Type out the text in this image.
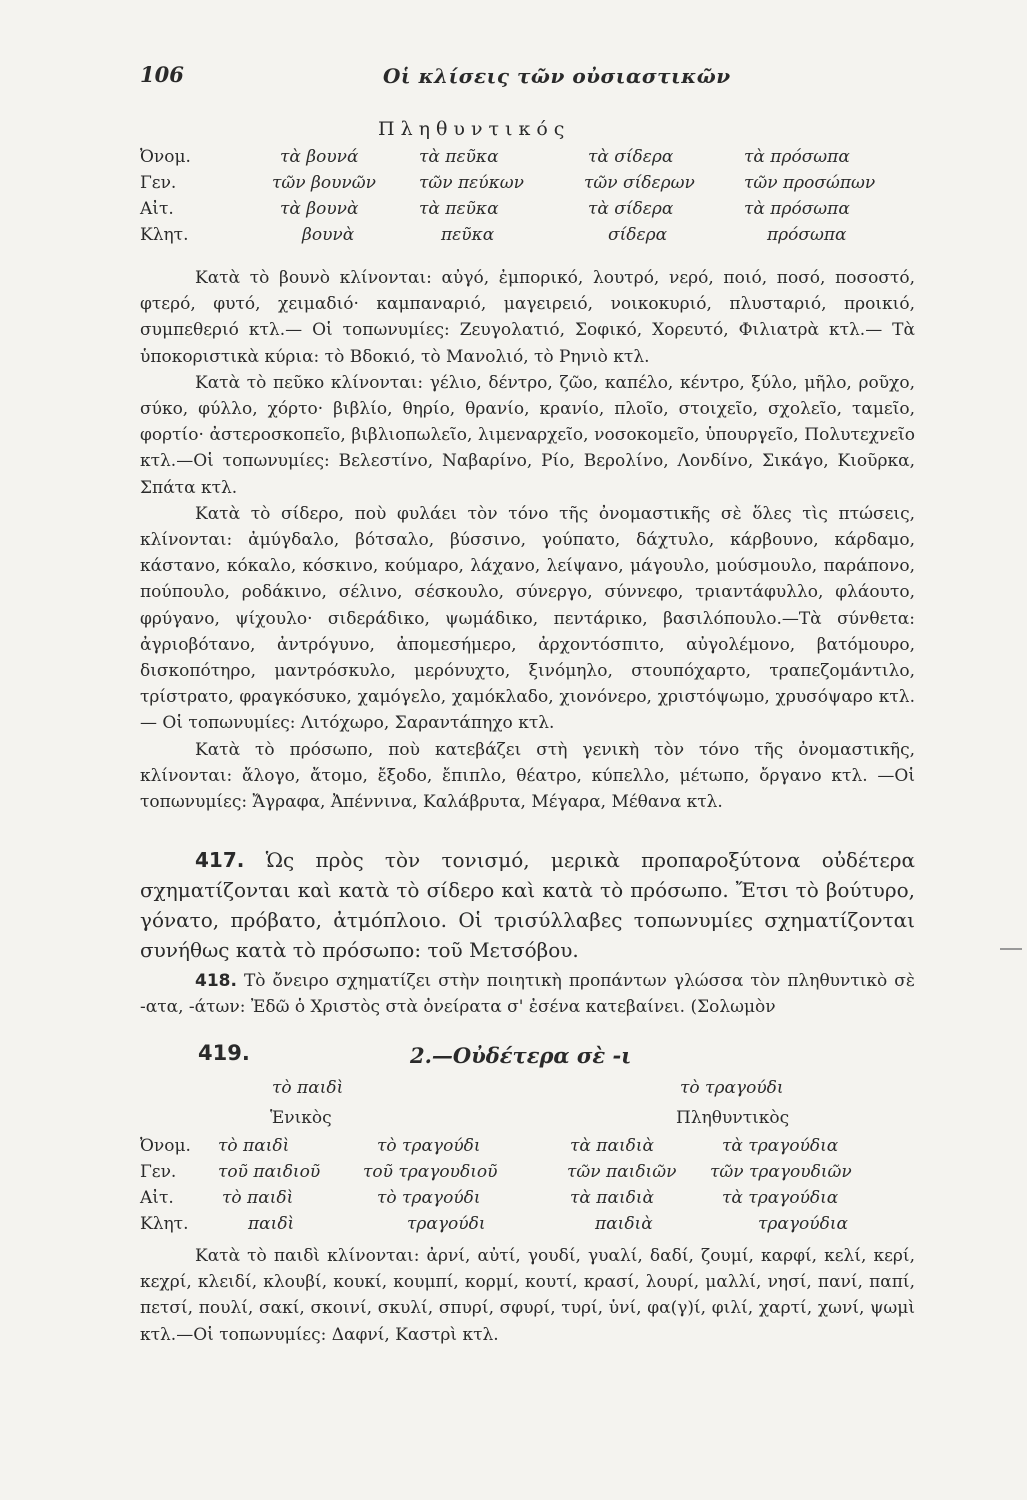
106	Οἱ κλίσεις τῶν οὐσιαστικῶν
Πληθυντικός
Ὀνομ.	τὰ βουνά	τὰ πεῦκα	τὰ σίδερα	τὰ πρόσωπα
Γεν.	τῶν βουνῶν	τῶν πεύκων	τῶν σίδερων	τῶν προσώπων
Αἰτ.	τὰ βουνὰ	τὰ πεῦκα	τὰ σίδερα	τὰ πρόσωπα
Κλητ.	βουνὰ	πεῦκα	σίδερα	πρόσωπα

Κατὰ τὸ βουνὸ κλίνονται: αὐγό, ἐμπορικό, λουτρό, νερό, ποιό, ποσό, ποσοστό, φτερό, φυτό, χειμαδιό· καμπαναριό, μαγειρειό, νοικοκυριό, πλυσταριό, προικιό, συμπεθεριό κτλ.— Οἱ τοπωνυμίες: Ζευγολατιό, Σοφικό, Χορευτό, Φιλιατρὰ κτλ.— Τὰ ὑποκοριστικὰ κύρια: τὸ Βδοκιό, τὸ Μανολιό, τὸ Ρηνιὸ κτλ.

Κατὰ τὸ πεῦκο κλίνονται: γέλιο, δέντρο, ζῶο, καπέλο, κέντρο, ξύλο, μῆλο, ροῦχο, σύκο, φύλλο, χόρτο· βιβλίο, θηρίο, θρανίο, κρανίο, πλοῖο, στοιχεῖο, σχολεῖο, ταμεῖο, φορτίο· ἀστεροσκοπεῖο, βιβλιοπωλεῖο, λιμεναρχεῖο, νοσοκομεῖο, ὑπουργεῖο, Πολυτεχνεῖο κτλ.—Οἱ τοπωνυμίες: Βελεστίνο, Ναβαρίνο, Ρίο, Βερολίνο, Λονδίνο, Σικάγο, Κιοῦρκα, Σπάτα κτλ.

Κατὰ τὸ σίδερο, ποὺ φυλάει τὸν τόνο τῆς ὀνομαστικῆς σὲ ὅλες τὶς πτώσεις, κλίνονται: ἀμύγδαλο, βότσαλο, βύσσινο, γούπατο, δάχτυλο, κάρβουνο, κάρδαμο, κάστανο, κόκαλο, κόσκινο, κούμαρο, λάχανο, λείψανο, μάγουλο, μούσμουλο, παράπονο, πούπουλο, ροδάκινο, σέλινο, σέσκουλο, σύνεργο, σύννεφο, τριαντάφυλλο, φλάουτο, φρύγανο, ψίχουλο· σιδεράδικο, ψωμάδικο, πεντάρικο, βασιλόπουλο.—Τὰ σύνθετα: ἀγριοβότανο, ἀντρόγυνο, ἀπομεσήμερο, ἀρχοντόσπιτο, αὐγολέμονο, βατόμουρο, δισκοπότηρο, μαντρόσκυλο, μερόνυχτο, ξινόμηλο, στουπόχαρτο, τραπεζομάντιλο, τρίστρατο, φραγκόσυκο, χαμόγελο, χαμόκλαδο, χιονόνερο, χριστόψωμο, χρυσόψαρο κτλ.— Οἱ τοπωνυμίες: Λιτόχωρο, Σαραντάπηχο κτλ.

Κατὰ τὸ πρόσωπο, ποὺ κατεβάζει στὴ γενικὴ τὸν τόνο τῆς ὀνομαστικῆς, κλίνονται: ἄλογο, ἄτομο, ἔξοδο, ἔπιπλο, θέατρο, κύπελλο, μέτωπο, ὄργανο κτλ. —Οἱ τοπωνυμίες: Ἄγραφα, Ἀπέννινα, Καλάβρυτα, Μέγαρα, Μέθανα κτλ.

417. Ὡς πρὸς τὸν τονισμό, μερικὰ προπαροξύτονα οὐδέτερα σχηματίζονται καὶ κατὰ τὸ σίδερο καὶ κατὰ τὸ πρόσωπο. Ἔτσι τὸ βούτυρο, γόνατο, πρόβατο, ἀτμόπλοιο. Οἱ τρισύλλαβες τοπωνυμίες σχηματίζονται συνήθως κατὰ τὸ πρόσωπο: τοῦ Μετσόβου.

418. Τὸ ὄνειρο σχηματίζει στὴν ποιητικὴ προπάντων γλώσσα τὸν πληθυντικὸ σὲ -ατα, -άτων: Ἐδῶ ὁ Χριστὸς στὰ ὀνείρατα σ' ἐσένα κατεβαίνει. (Σολωμὸν

419.	2.—Οὐδέτερα σὲ -ι
τὸ παιδὶ	τὸ τραγούδι
Ἑνικὸς	Πληθυντικὸς
Ὀνομ.	τὸ παιδὶ	τὸ τραγούδι	τὰ παιδιὰ	τὰ τραγούδια
Γεν.	τοῦ παιδιοῦ	τοῦ τραγουδιοῦ	τῶν παιδιῶν	τῶν τραγουδιῶν
Αἰτ.	τὸ παιδὶ	τὸ τραγούδι	τὰ παιδιὰ	τὰ τραγούδια
Κλητ.	παιδὶ	τραγούδι	παιδιὰ	τραγούδια

Κατὰ τὸ παιδὶ κλίνονται: ἀρνί, αὐτί, γουδί, γυαλί, δαδί, ζουμί, καρφί, κελί, κερί, κεχρί, κλειδί, κλουβί, κουκί, κουμπί, κορμί, κουτί, κρασί, λουρί, μαλλί, νησί, πανί, παπί, πετσί, πουλί, σακί, σκοινί, σκυλί, σπυρί, σφυρί, τυρί, ὑνί, φα(γ)ί, φιλί, χαρτί, χωνί, ψωμὶ κτλ.—Οἱ τοπωνυμίες: Δαφνί, Καστρὶ κτλ.
